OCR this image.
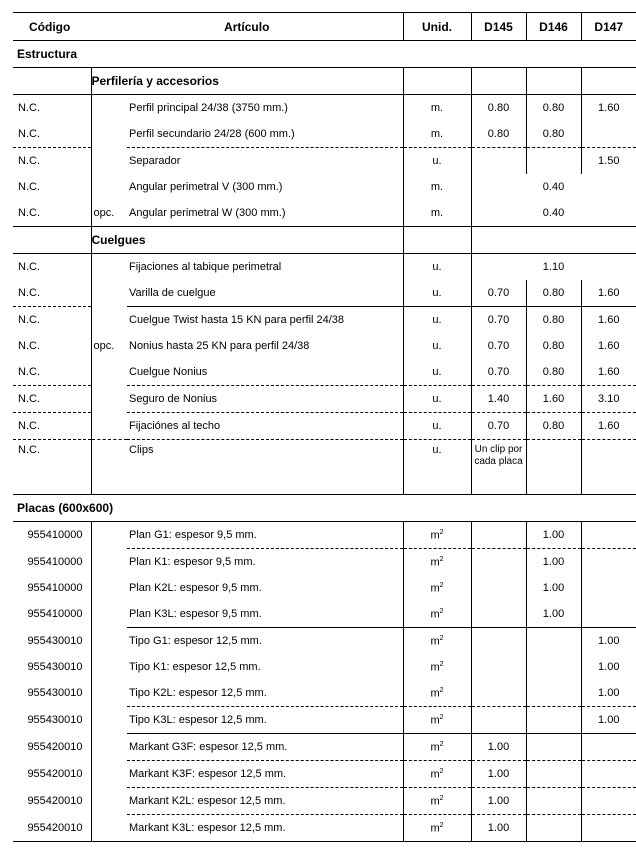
Código	Artículo		Unid.	D145	D146	D147
Estructura						
	Perfilería y accesorios					
N.C.		Perfil principal 24/38 (3750 mm.)	m.	0.80	0.80	1.60
N.C.		Perfil secundario 24/28 (600 mm.)	m.	0.80	0.80	
N.C.		Separador	u.			1.50
N.C.		Angular perimetral V (300 mm.)	m.		0.40	
N.C.	opc.	Angular perimetral W (300 mm.)	m.		0.40	
	Cuelgues					
N.C.		Fijaciones al tabique perimetral	u.		1.10	
N.C.		Varilla de cuelgue	u.	0.70	0.80	1.60
N.C.		Cuelgue Twist hasta 15 KN para perfil 24/38	u.	0.70	0.80	1.60
N.C.	opc.	Nonius hasta 25 KN para perfil 24/38	u.	0.70	0.80	1.60
N.C.		Cuelgue Nonius	u.	0.70	0.80	1.60
N.C.		Seguro de Nonius	u.	1.40	1.60	3.10
N.C.		Fijaciónes al techo	u.	0.70	0.80	1.60
N.C.		Clips	u.	Un clip por cada placa		
Placas (600x600)						
955410000		Plan G1: espesor 9,5 mm.	$m^2$		1.00	
955410000		Plan K1: espesor 9,5 mm.	$m^2$		1.00	
955410000		Plan K2L: espesor 9,5 mm.	$m^2$		1.00	
955410000		Plan K3L: espesor 9,5 mm.	$m^2$		1.00	
955430010		Tipo G1: espesor 12,5 mm.	$m^2$			1.00
955430010		Tipo K1: espesor 12,5 mm.	$m^2$			1.00
955430010		Tipo K2L: espesor 12,5 mm.	$m^2$			1.00
955430010		Tipo K3L: espesor 12,5 mm.	$m^2$			1.00
955420010		Markant G3F: espesor 12,5 mm.	$m^2$	1.00		
955420010		Markant K3F: espesor 12,5 mm.	$m^2$	1.00		
955420010		Markant K2L: espesor 12,5 mm.	$m^2$	1.00		
955420010		Markant K3L: espesor 12,5 mm.	$m^2$	1.00		
